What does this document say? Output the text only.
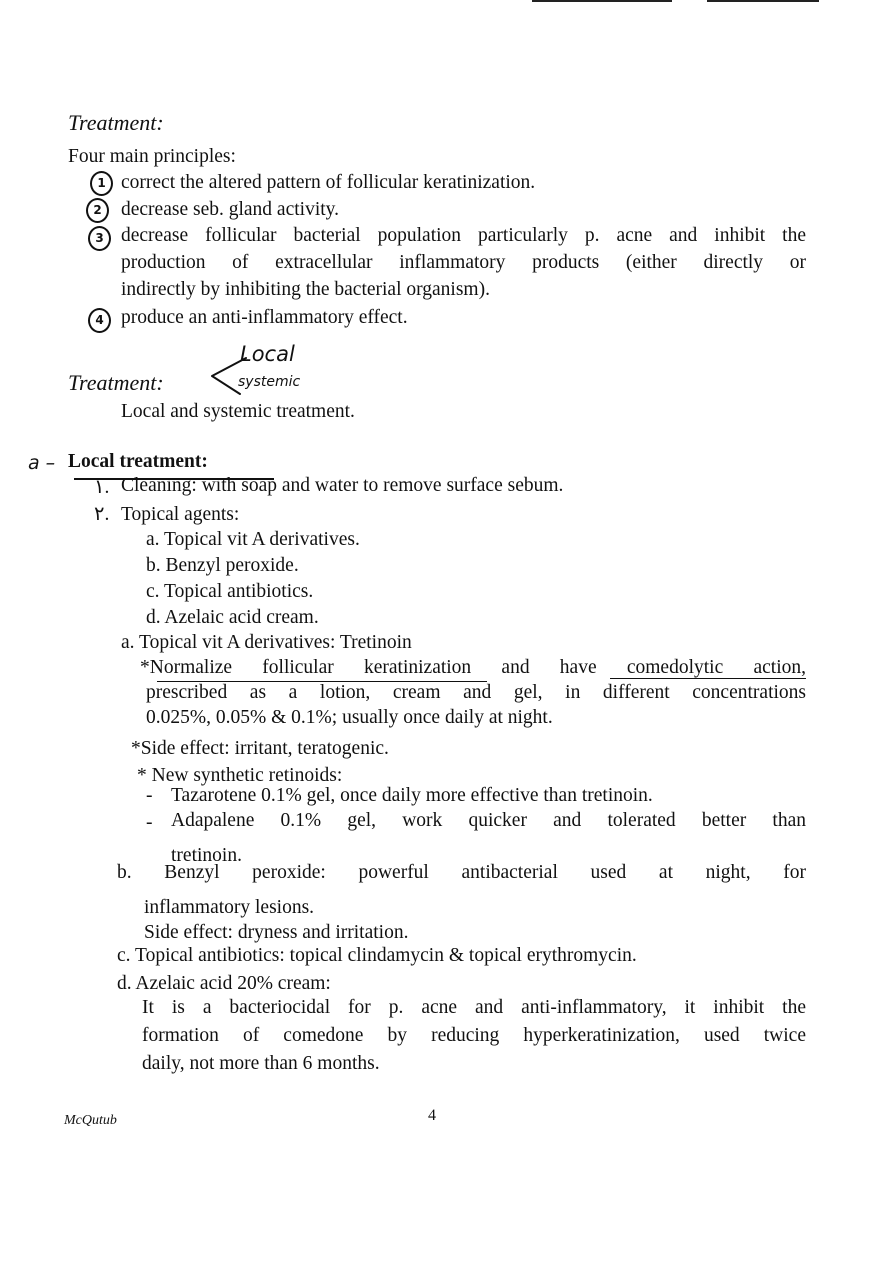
Treatment:
Four main principles:
1 correct the altered pattern of follicular keratinization.
2 decrease seb. gland activity.
3 decrease follicular bacterial population particularly p. acne and inhibit the
production of extracellular inflammatory products (either directly or
indirectly by inhibiting the bacterial organism).
4 produce an anti-inflammatory effect.
Treatment:
Local
systemic
Local and systemic treatment.
a – Local treatment:
١. Cleaning: with soap and water to remove surface sebum.
٢. Topical agents:
a. Topical vit A derivatives.
b. Benzyl peroxide.
c. Topical antibiotics.
d. Azelaic acid cream.
a. Topical vit A derivatives: Tretinoin
*Normalize follicular keratinization and have comedolytic action,
prescribed as a lotion, cream and gel, in different concentrations
0.025%, 0.05% & 0.1%; usually once daily at night.
*Side effect: irritant, teratogenic.
* New synthetic retinoids:
- Tazarotene 0.1% gel, once daily more effective than tretinoin.
- Adapalene 0.1% gel, work quicker and tolerated better than
tretinoin.
b. Benzyl peroxide: powerful antibacterial used at night, for
inflammatory lesions.
Side effect: dryness and irritation.
c. Topical antibiotics: topical clindamycin & topical erythromycin.
d. Azelaic acid 20% cream:
It is a bacteriocidal for p. acne and anti-inflammatory, it inhibit the
formation of comedone by reducing hyperkeratinization, used twice
daily, not more than 6 months.
McQutub	4
